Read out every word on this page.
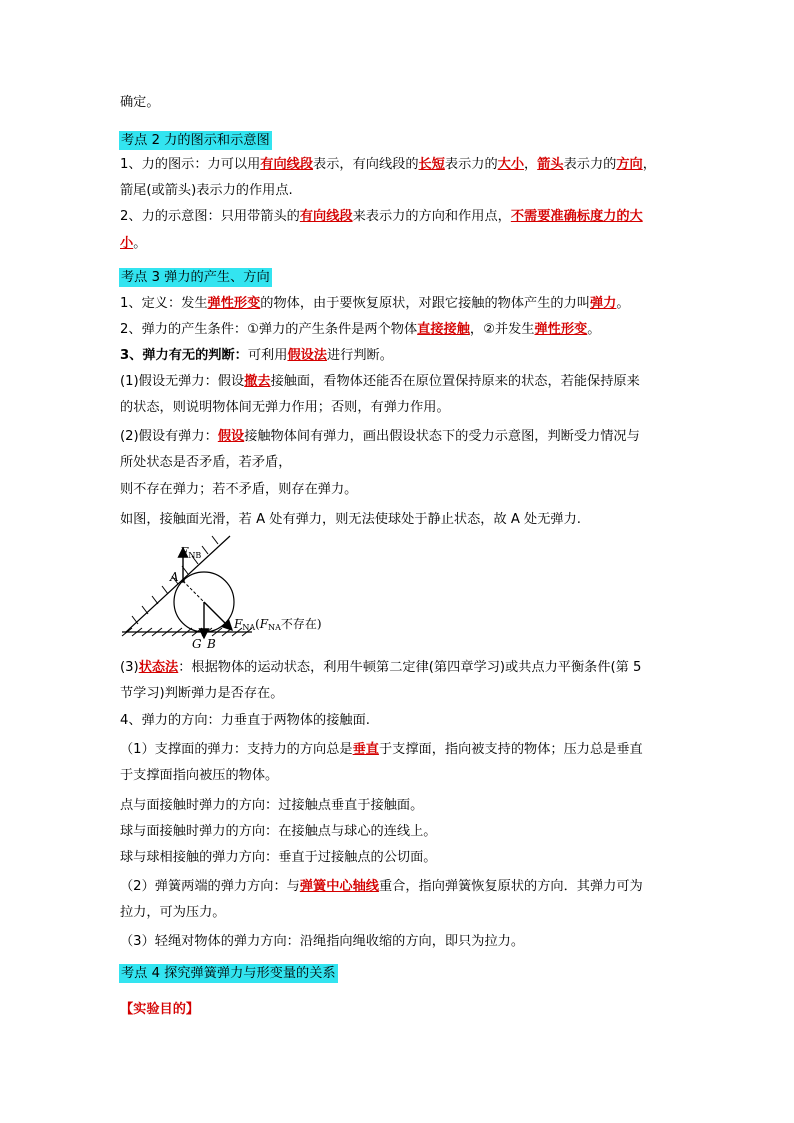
确定。
考点 2 力的图示和示意图
1、力的图示：力可以用有向线段表示，有向线段的长短表示力的大小，箭头表示力的方向，
箭尾(或箭头)表示力的作用点.
2、力的示意图：只用带箭头的有向线段来表示力的方向和作用点，不需要准确标度力的大
小。
考点 3 弹力的产生、方向
1、定义：发生弹性形变的物体，由于要恢复原状，对跟它接触的物体产生的力叫弹力。
2、弹力的产生条件：①弹力的产生条件是两个物体直接接触，②并发生弹性形变。
3、弹力有无的判断：可利用假设法进行判断。
(1)假设无弹力：假设撤去接触面，看物体还能否在原位置保持原来的状态，若能保持原来
的状态，则说明物体间无弹力作用；否则，有弹力作用。
(2)假设有弹力：假设接触物体间有弹力，画出假设状态下的受力示意图，判断受力情况与
所处状态是否矛盾，若矛盾，
则不存在弹力；若不矛盾，则存在弹力。
如图，接触面光滑，若 A 处有弹力，则无法使球处于静止状态，故 A 处无弹力.
FNB
A
FNA(FNA不存在)
G B
(3)状态法：根据物体的运动状态，利用牛顿第二定律(第四章学习)或共点力平衡条件(第 5
节学习)判断弹力是否存在。
4、弹力的方向：力垂直于两物体的接触面.
（1）支撑面的弹力：支持力的方向总是垂直于支撑面，指向被支持的物体；压力总是垂直
于支撑面指向被压的物体。
点与面接触时弹力的方向：过接触点垂直于接触面。
球与面接触时弹力的方向：在接触点与球心的连线上。
球与球相接触的弹力方向：垂直于过接触点的公切面。
（2）弹簧两端的弹力方向：与弹簧中心轴线重合，指向弹簧恢复原状的方向．其弹力可为
拉力，可为压力。
（3）轻绳对物体的弹力方向：沿绳指向绳收缩的方向，即只为拉力。
考点 4 探究弹簧弹力与形变量的关系
【实验目的】
